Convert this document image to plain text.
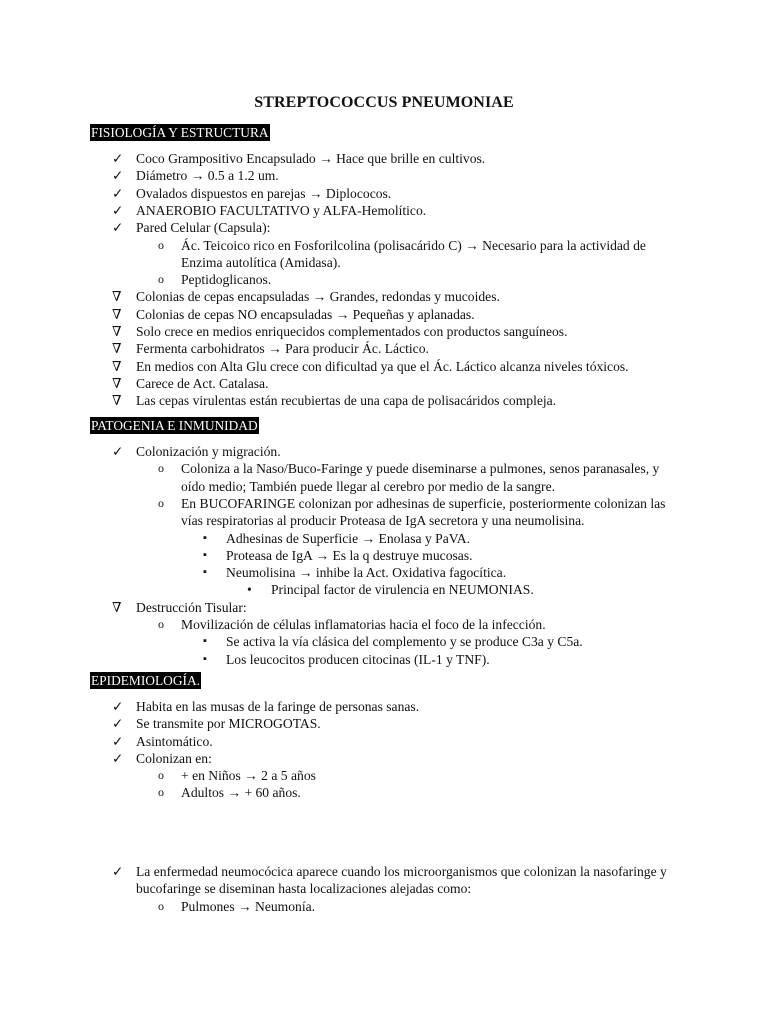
STREPTOCOCCUS PNEUMONIAE
FISIOLOGÍA Y ESTRUCTURA
✓ Coco Grampositivo Encapsulado → Hace que brille en cultivos.
✓ Diámetro → 0.5 a 1.2 um.
✓ Ovalados dispuestos en parejas → Diplococos.
✓ ANAEROBIO FACULTATIVO y ALFA-Hemolítico.
✓ Pared Celular (Capsula):
o Ác. Teicoico rico en Fosforilcolina (polisacárido C) → Necesario para la actividad de
Enzima autolítica (Amidasa).
o Peptidoglicanos.
∇ Colonias de cepas encapsuladas → Grandes, redondas y mucoides.
∇ Colonias de cepas NO encapsuladas → Pequeñas y aplanadas.
∇ Solo crece en medios enriquecidos complementados con productos sanguíneos.
∇ Fermenta carbohidratos → Para producir Ác. Láctico.
∇ En medios con Alta Glu crece con dificultad ya que el Ác. Láctico alcanza niveles tóxicos.
∇ Carece de Act. Catalasa.
∇ Las cepas virulentas están recubiertas de una capa de polisacáridos compleja.
PATOGENIA E INMUNIDAD
✓ Colonización y migración.
o Coloniza a la Naso/Buco-Faringe y puede diseminarse a pulmones, senos paranasales, y
oído medio; También puede llegar al cerebro por medio de la sangre.
o En BUCOFARINGE colonizan por adhesinas de superficie, posteriormente colonizan las
vías respiratorias al producir Proteasa de IgA secretora y una neumolisina.
▪ Adhesinas de Superficie → Enolasa y PaVA.
▪ Proteasa de IgA → Es la q destruye mucosas.
▪ Neumolisina → inhibe la Act. Oxidativa fagocítica.
• Principal factor de virulencia en NEUMONIAS.
∇ Destrucción Tisular:
o Movilización de células inflamatorias hacia el foco de la infección.
▪ Se activa la vía clásica del complemento y se produce C3a y C5a.
▪ Los leucocitos producen citocinas (IL-1 y TNF).
EPIDEMIOLOGÍA.
✓ Habita en las musas de la faringe de personas sanas.
✓ Se transmite por MICROGOTAS.
✓ Asintomático.
✓ Colonizan en:
o + en Niños → 2 a 5 años
o Adultos → + 60 años.
✓ La enfermedad neumocócica aparece cuando los microorganismos que colonizan la nasofaringe y
bucofaringe se diseminan hasta localizaciones alejadas como:
o Pulmones → Neumonía.
